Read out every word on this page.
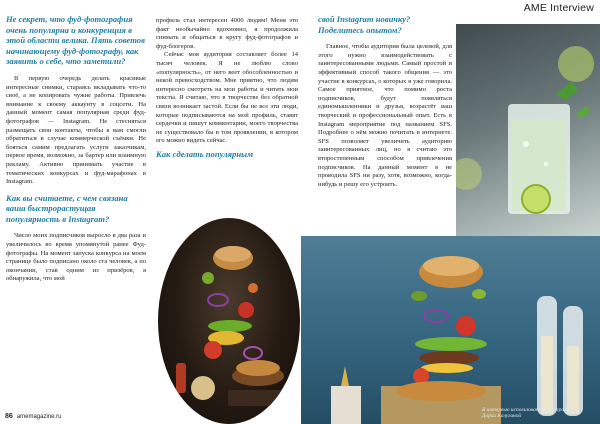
AME Interview

Не секрет, что фуд-фотография очень популярна и конкуренция в этой области велика. Пять советов начинающему фуд-фотографу, как заявить о себе, что заметили?

В первую очередь делать красивые интересные снимки, стараясь вкладывать что-то своё, а не копировать чужие работы. Привлечь внимание к своему аккаунту в соцсети. На данный момент самая популярная среди фуд-фотографов — Instagram. Не стесняться размещать свои контакты, чтобы к вам смогли обратиться в случае коммерческой съёмки. Не бояться самим предлагать услуги заказчикам, первое время, возможно, за бартер или взаимную рекламу. Активно принимать участие в тематических конкурсах и фуд-марафонах в Instagram.

Как вы считаете, с чем связана ваша быстрорастущая популярность в Instagram?

Число моих подписчиков выросло в два раза и увеличилось во время упомянутой ранее Фуд-фотографы. На момент запуска конкурса на моем странице было подписано около ста человек, а по окончании, став одним из призёров, я обнаружила, что мой

профиль стал интересен 4000 людям! Меня это факт необычайно вдохновил, я продолжила снимать и общаться в кругу фуд-фотографов и фуд-блогеров.

Сейчас моя аудитория составляет более 14 тысяч человек. Я не люблю слово «популярность», от него веет обособленностью и некой превосходством. Мне приятно, что людям интересно смотреть на мои работы и читать мои тексты. Я считаю, что в творчестве без обратной связи возникает застой. Если бы не все эти люди, которые подписываются на мой профиль, ставят сердечки и пишут комментарии, моего творчества не существовало бы в том проявлении, в котором его можно видеть сейчас.

Как сделать популярным

86 amemagazine.ru

свой Instagram новичку? Поделитесь опытом?

Главное, чтобы аудитория была целевой, для этого нужно взаимодействовать с заинтересованными людьми. Самый простой и эффективный способ такого общения — это участие в конкурсах, о которых я уже говорила. Самое приятное, что помимо роста подписчиков, будут появляться единомышленники и друзья, возрастёт ваш творческий и профессиональный опыт. Есть в Instagram мероприятие под названием SFS. Подробнее о нём можно почитать в интернете. SFS позволяет увеличить аудиторию заинтересованных лиц, но я считаю это второстепенным способом привлечения подписчиков. На данный момент я не проводила SFS ни разу, хотя, возможно, когда-нибудь и решу его устроить.

В интервью использованы фотографии Дарьи Калугиной
